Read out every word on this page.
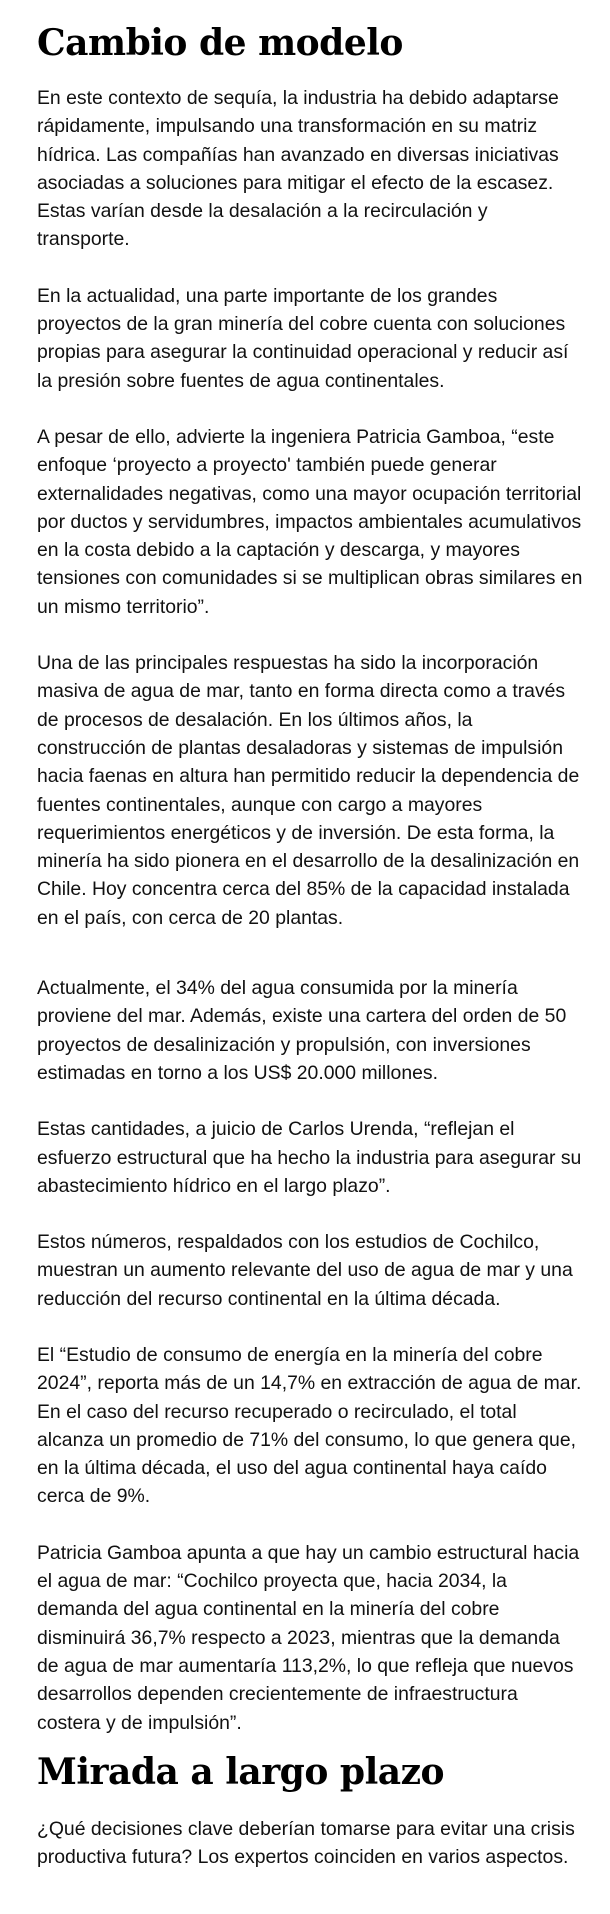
Cambio de modelo

En este contexto de sequía, la industria ha debido adaptarse rápidamente, impulsando una transformación en su matriz hídrica. Las compañías han avanzado en diversas iniciativas asociadas a soluciones para mitigar el efecto de la escasez. Estas varían desde la desalación a la recirculación y transporte.

En la actualidad, una parte importante de los grandes proyectos de la gran minería del cobre cuenta con soluciones propias para asegurar la continuidad operacional y reducir así la presión sobre fuentes de agua continentales.

A pesar de ello, advierte la ingeniera Patricia Gamboa, “este enfoque ‘proyecto a proyecto' también puede generar externalidades negativas, como una mayor ocupación territorial por ductos y servidumbres, impactos ambientales acumulativos en la costa debido a la captación y descarga, y mayores tensiones con comunidades si se multiplican obras similares en un mismo territorio”.

Una de las principales respuestas ha sido la incorporación masiva de agua de mar, tanto en forma directa como a través de procesos de desalación. En los últimos años, la construcción de plantas desaladoras y sistemas de impulsión hacia faenas en altura han permitido reducir la dependencia de fuentes continentales, aunque con cargo a mayores requerimientos energéticos y de inversión. De esta forma, la minería ha sido pionera en el desarrollo de la desalinización en Chile. Hoy concentra cerca del 85% de la capacidad instalada en el país, con cerca de 20 plantas.

Actualmente, el 34% del agua consumida por la minería proviene del mar. Además, existe una cartera del orden de 50 proyectos de desalinización y propulsión, con inversiones estimadas en torno a los US$ 20.000 millones.

Estas cantidades, a juicio de Carlos Urenda, “reflejan el esfuerzo estructural que ha hecho la industria para asegurar su abastecimiento hídrico en el largo plazo”.

Estos números, respaldados con los estudios de Cochilco, muestran un aumento relevante del uso de agua de mar y una reducción del recurso continental en la última década.

El “Estudio de consumo de energía en la minería del cobre 2024”, reporta más de un 14,7% en extracción de agua de mar. En el caso del recurso recuperado o recirculado, el total alcanza un promedio de 71% del consumo, lo que genera que, en la última década, el uso del agua continental haya caído cerca de 9%.

Patricia Gamboa apunta a que hay un cambio estructural hacia el agua de mar: “Cochilco proyecta que, hacia 2034, la demanda del agua continental en la minería del cobre disminuirá 36,7% respecto a 2023, mientras que la demanda de agua de mar aumentaría 113,2%, lo que refleja que nuevos desarrollos dependen crecientemente de infraestructura costera y de impulsión”.

Mirada a largo plazo

¿Qué decisiones clave deberían tomarse para evitar una crisis productiva futura? Los expertos coinciden en varios aspectos.
